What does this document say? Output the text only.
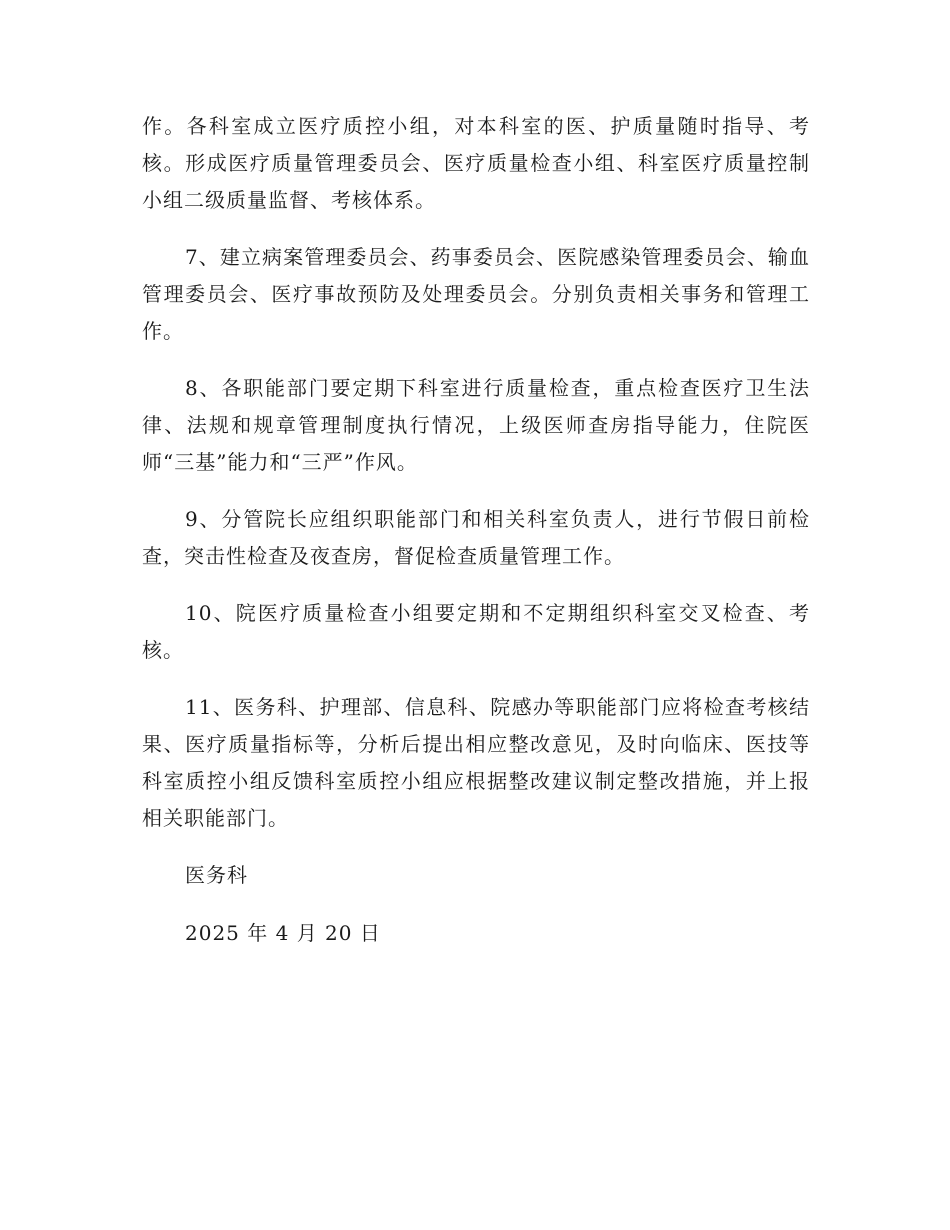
作。各科室成立医疗质控小组，对本科室的医、护质量随时指导、考核。形成医疗质量管理委员会、医疗质量检查小组、科室医疗质量控制小组二级质量监督、考核体系。

7、建立病案管理委员会、药事委员会、医院感染管理委员会、输血管理委员会、医疗事故预防及处理委员会。分别负责相关事务和管理工作。

8、各职能部门要定期下科室进行质量检查，重点检查医疗卫生法律、法规和规章管理制度执行情况，上级医师查房指导能力，住院医师“三基”能力和“三严”作风。

9、分管院长应组织职能部门和相关科室负责人，进行节假日前检查，突击性检查及夜查房，督促检查质量管理工作。

10、院医疗质量检查小组要定期和不定期组织科室交叉检查、考核。

11、医务科、护理部、信息科、院感办等职能部门应将检查考核结果、医疗质量指标等，分析后提出相应整改意见，及时向临床、医技等科室质控小组反馈科室质控小组应根据整改建议制定整改措施，并上报相关职能部门。

医务科

2025 年 4 月 20 日
